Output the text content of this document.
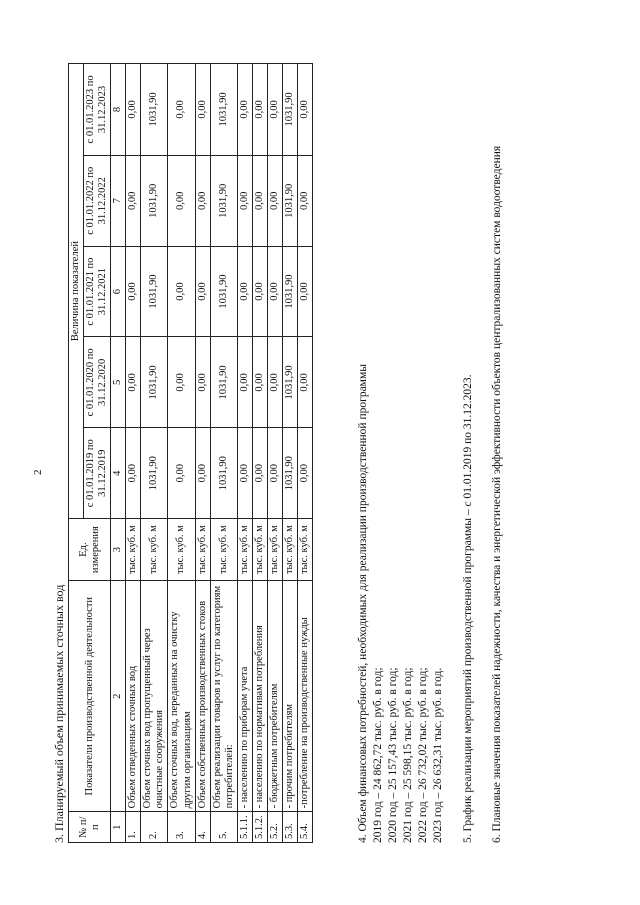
2
3. Планируемый объем принимаемых сточных вод № п/п	Показатели производственной деятельности	Ед. измерения	Величина показателей				
			с 01.01.2019 по 31.12.2019	с 01.01.2020 по 31.12.2020	с 01.01.2021 по 31.12.2021	с 01.01.2022 по 31.12.2022	с 01.01.2023 по 31.12.2023
1	2	3	4	5	6	7	8
1.	Объем отведенных сточных вод	тыс. куб. м	0,00	0,00	0,00	0,00	0,00
2.	Объем сточных вод пропущенный через очистные сооружения	тыс. куб. м	1031,90	1031,90	1031,90	1031,90	1031,90
3.	Объем сточных вод, переданных на очистку другим организациям	тыс. куб. м	0,00	0,00	0,00	0,00	0,00
4.	Объем собственных производственных стоков	тыс. куб. м	0,00	0,00	0,00	0,00	0,00
5.	Объем реализации товаров и услуг по категориям потребителей:	тыс. куб. м	1031,90	1031,90	1031,90	1031,90	1031,90
5.1.1.	- населению по приборам учета	тыс. куб. м	0,00	0,00	0,00	0,00	0,00
5.1.2.	- населению по нормативам потребления	тыс. куб. м	0,00	0,00	0,00	0,00	0,00
5.2.	- бюджетным потребителям	тыс. куб. м	0,00	0,00	0,00	0,00	0,00
5.3.	- прочим потребителям	тыс. куб. м	1031,90	1031,90	1031,90	1031,90	1031,90
5.4.	-потребление на производственные нужды	тыс. куб. м	0,00	0,00	0,00	0,00	0,00
4. Объем финансовых потребностей, необходимых для реализации производственной программы 2019 год – 24 862,72 тыс. руб. в год; 2020 год – 25 157,43 тыс. руб. в год; 2021 год – 25 598,15 тыс. руб. в год; 2022 год – 26 732,02 тыс. руб. в год; 2023 год – 26 632,31 тыс. руб. в год. 5. График реализации мероприятий производственной программы – с 01.01.2019 по 31.12.2023. 6. Плановые значения показателей надежности, качества и энергетической эффективности объектов централизованных систем водоотведения
